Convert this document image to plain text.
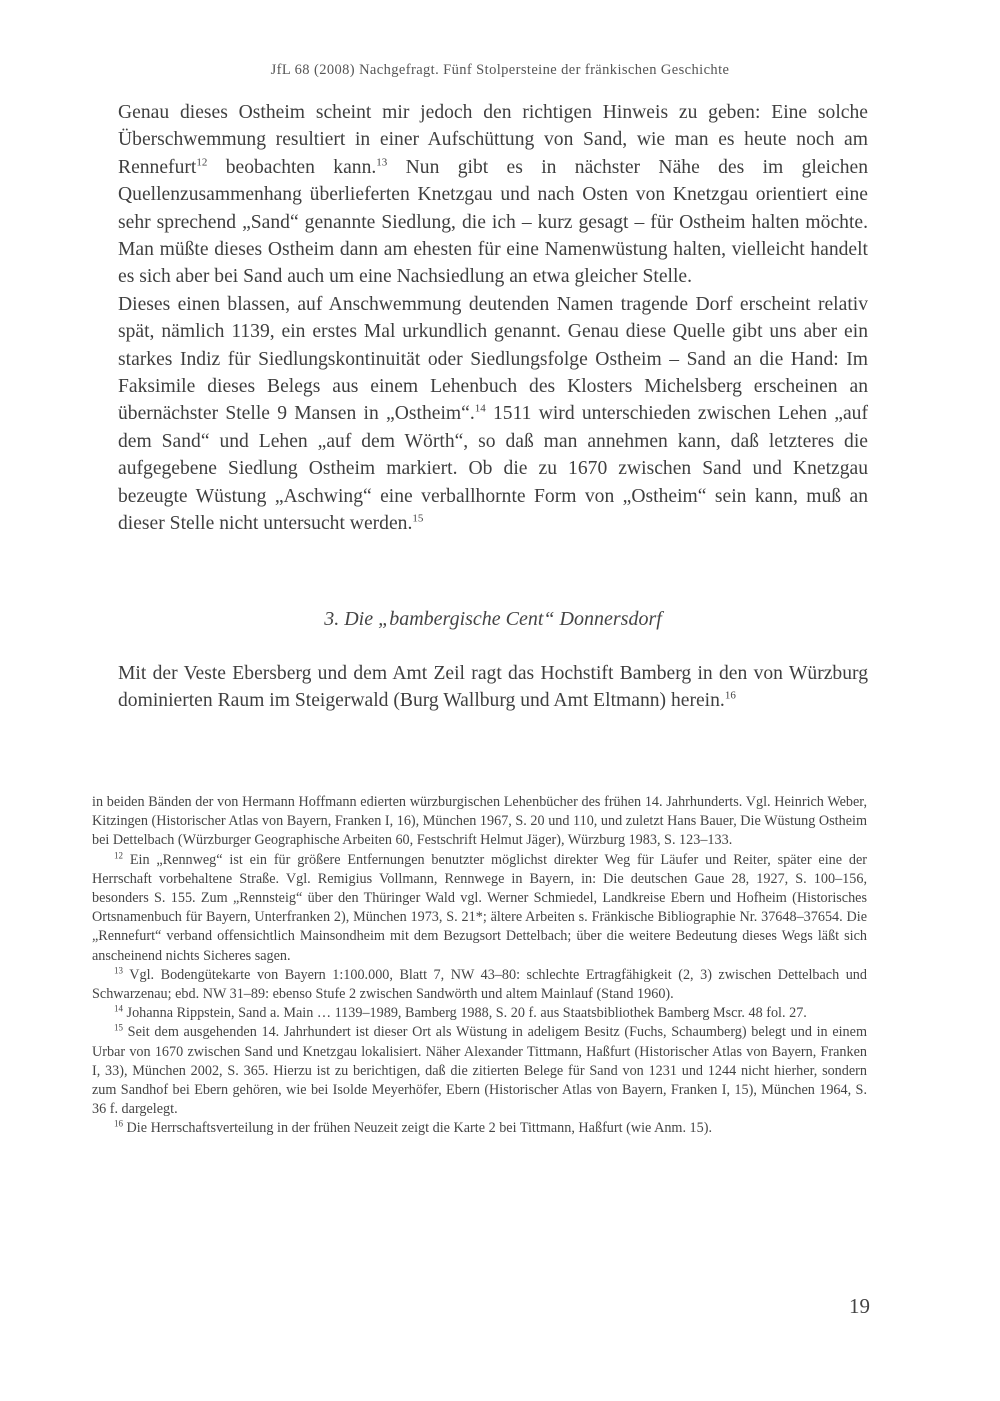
JfL 68 (2008) Nachgefragt. Fünf Stolpersteine der fränkischen Geschichte

Genau dieses Ostheim scheint mir jedoch den richtigen Hinweis zu geben: Eine solche Überschwemmung resultiert in einer Aufschüttung von Sand, wie man es heute noch am Rennefurt$^{12}$ beobachten kann.$^{13}$ Nun gibt es in nächster Nähe des im gleichen Quellenzusammenhang überlieferten Knetzgau und nach Osten von Knetzgau orientiert eine sehr sprechend „Sand“ genannte Siedlung, die ich – kurz gesagt – für Ostheim halten möchte. Man müßte dieses Ostheim dann am ehesten für eine Namenwüstung halten, vielleicht handelt es sich aber bei Sand auch um eine Nachsiedlung an etwa gleicher Stelle.

Dieses einen blassen, auf Anschwemmung deutenden Namen tragende Dorf erscheint relativ spät, nämlich 1139, ein erstes Mal urkundlich genannt. Genau diese Quelle gibt uns aber ein starkes Indiz für Siedlungskontinuität oder Siedlungsfolge Ostheim – Sand an die Hand: Im Faksimile dieses Belegs aus einem Lehenbuch des Klosters Michelsberg erscheinen an übernächster Stelle 9 Mansen in „Ostheim“.$^{14}$ 1511 wird unterschieden zwischen Lehen „auf dem Sand“ und Lehen „auf dem Wörth“, so daß man annehmen kann, daß letzteres die aufgegebene Siedlung Ostheim markiert. Ob die zu 1670 zwischen Sand und Knetzgau bezeugte Wüstung „Aschwing“ eine verballhornte Form von „Ostheim“ sein kann, muß an dieser Stelle nicht untersucht werden.$^{15}$

3. Die „bambergische Cent“ Donnersdorf

Mit der Veste Ebersberg und dem Amt Zeil ragt das Hochstift Bamberg in den von Würzburg dominierten Raum im Steigerwald (Burg Wallburg und Amt Eltmann) herein.$^{16}$

in beiden Bänden der von Hermann Hoffmann edierten würzburgischen Lehenbücher des frühen 14. Jahrhunderts. Vgl. Heinrich Weber, Kitzingen (Historischer Atlas von Bayern, Franken I, 16), München 1967, S. 20 und 110, und zuletzt Hans Bauer, Die Wüstung Ostheim bei Dettelbach (Würzburger Geographische Arbeiten 60, Festschrift Helmut Jäger), Würzburg 1983, S. 123–133.

$^{12}$ Ein „Rennweg“ ist ein für größere Entfernungen benutzter möglichst direkter Weg für Läufer und Reiter, später eine der Herrschaft vorbehaltene Straße. Vgl. Remigius Vollmann, Rennwege in Bayern, in: Die deutschen Gaue 28, 1927, S. 100–156, besonders S. 155. Zum „Rennsteig“ über den Thüringer Wald vgl. Werner Schmiedel, Landkreise Ebern und Hofheim (Historisches Ortsnamenbuch für Bayern, Unterfranken 2), München 1973, S. 21*; ältere Arbeiten s. Fränkische Bibliographie Nr. 37648–37654. Die „Rennefurt“ verband offensichtlich Mainsondheim mit dem Bezugsort Dettelbach; über die weitere Bedeutung dieses Wegs läßt sich anscheinend nichts Sicheres sagen.

$^{13}$ Vgl. Bodengütekarte von Bayern 1:100.000, Blatt 7, NW 43–80: schlechte Ertragfähigkeit (2, 3) zwischen Dettelbach und Schwarzenau; ebd. NW 31–89: ebenso Stufe 2 zwischen Sandwörth und altem Mainlauf (Stand 1960).

$^{14}$ Johanna Rippstein, Sand a. Main … 1139–1989, Bamberg 1988, S. 20 f. aus Staatsbibliothek Bamberg Mscr. 48 fol. 27.

$^{15}$ Seit dem ausgehenden 14. Jahrhundert ist dieser Ort als Wüstung in adeligem Besitz (Fuchs, Schaumberg) belegt und in einem Urbar von 1670 zwischen Sand und Knetzgau lokalisiert. Näher Alexander Tittmann, Haßfurt (Historischer Atlas von Bayern, Franken I, 33), München 2002, S. 365. Hierzu ist zu berichtigen, daß die zitierten Belege für Sand von 1231 und 1244 nicht hierher, sondern zum Sandhof bei Ebern gehören, wie bei Isolde Meyerhöfer, Ebern (Historischer Atlas von Bayern, Franken I, 15), München 1964, S. 36 f. dargelegt.

$^{16}$ Die Herrschaftsverteilung in der frühen Neuzeit zeigt die Karte 2 bei Tittmann, Haßfurt (wie Anm. 15).

19
